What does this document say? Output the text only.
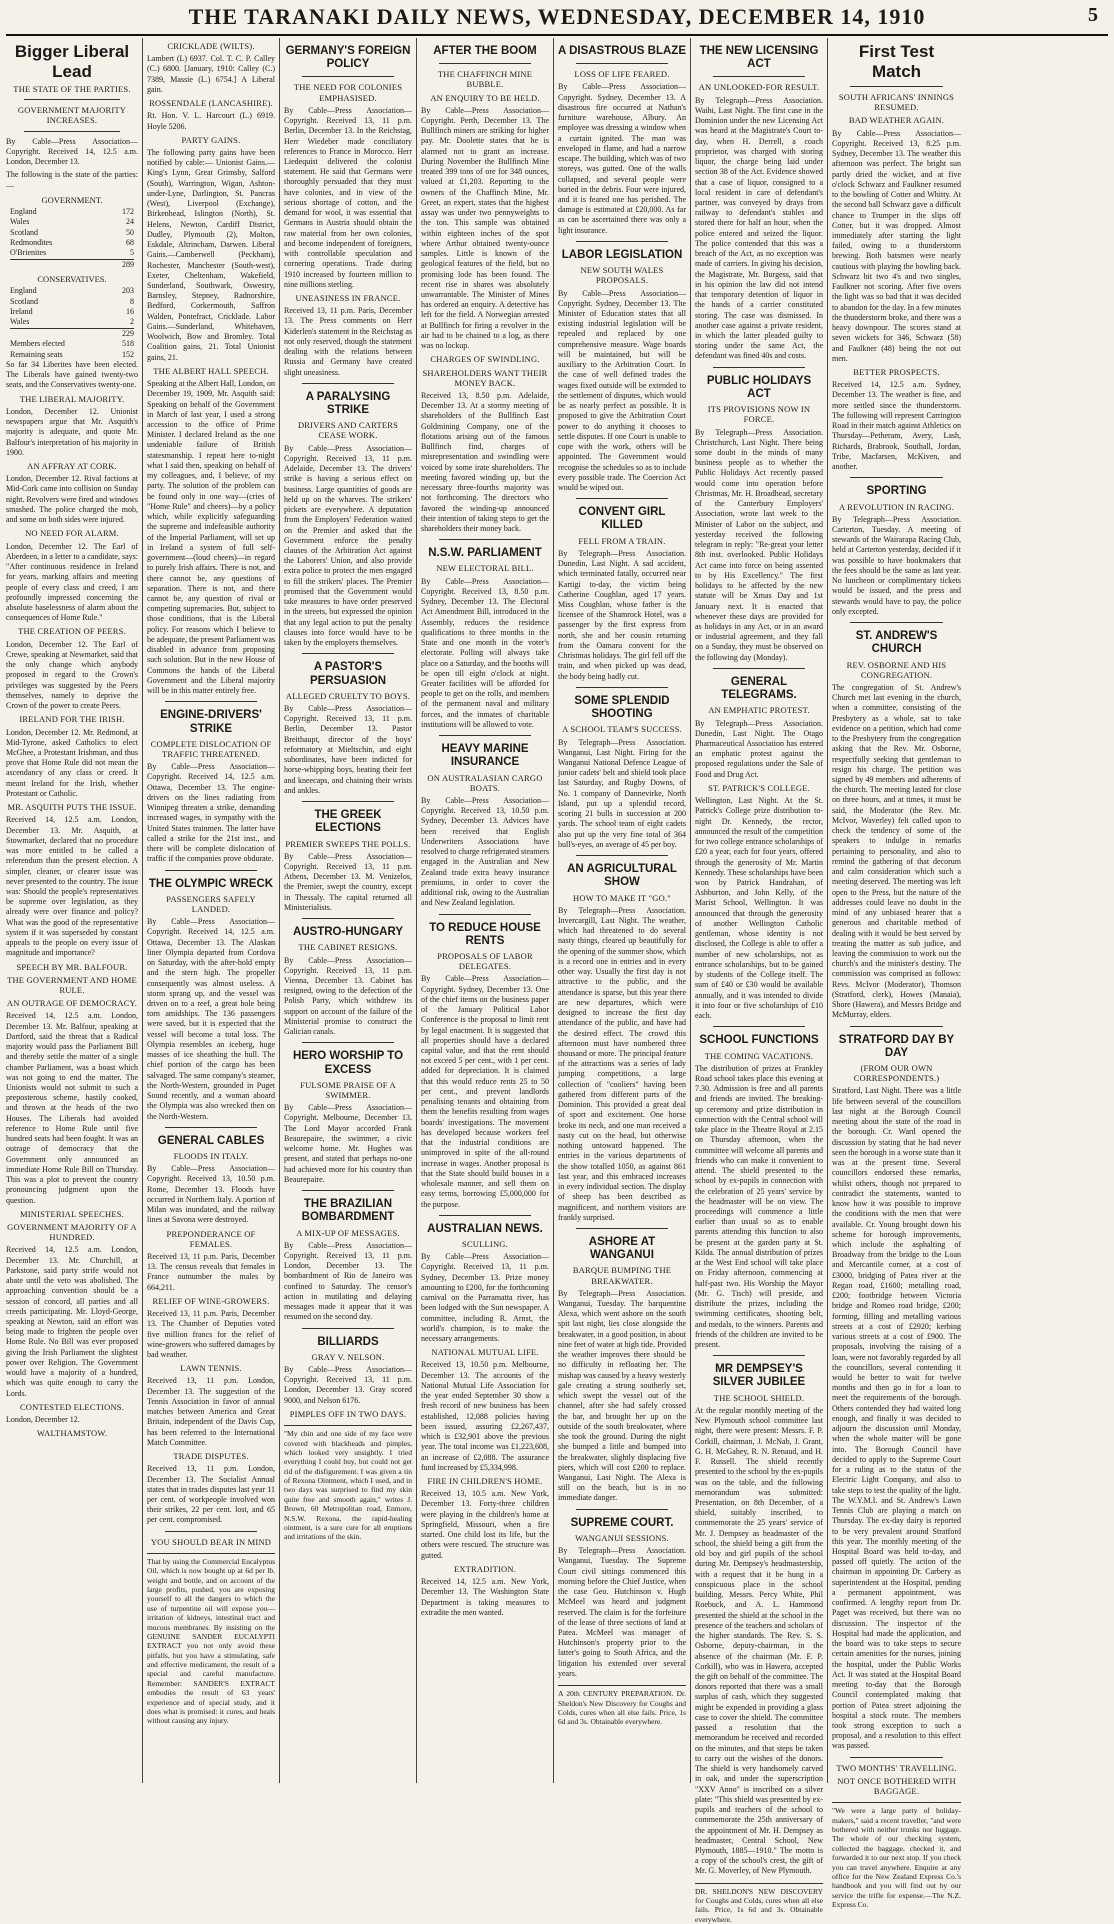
THE TARANAKI DAILY NEWS, WEDNESDAY, DECEMBER 14, 1910	5
Bigger Liberal Lead
THE STATE OF THE PARTIES.
GOVERNMENT MAJORITY INCREASES.

By Cable—Press Association—Copyright. Received 14, 12.5 a.m. London, December 13.

The following is the state of the parties:—

GOVERNMENT.
England	172
Wales	24
Scotland	50
Redmondites	68
O'Brienites	5
289
CONSERVATIVES.
England	203
Scotland	8
Ireland	16
Wales	2
229
Members elected	518
Remaining seats	152

So far 34 Liberites have been elected. The Liberals have gained twenty-two seats, and the Conservatives twenty-one.

THE LIBERAL MAJORITY.

London, December 12. Unionist newspapers argue that Mr. Asquith's majority is adequate, and quote Mr. Balfour's interpretation of his majority in 1900.

AN AFFRAY AT CORK.

London, December 12. Rival factions at Mid-Cork came into collision on Sunday night. Revolvers were fired and windows smashed. The police charged the mob, and some on both sides were injured.

NO NEED FOR ALARM.

London, December 12. The Earl of Aberdeen, in a letter to a candidate, says: "After continuous residence in Ireland for years, marking affairs and meeting people of every class and creed, I am profoundly impressed concerning the absolute baselessness of alarm about the consequences of Home Rule."

THE CREATION OF PEERS.

London, December 12. The Earl of Crewe, speaking at Newmarket, said that the only change which anybody proposed in regard to the Crown's privileges was suggested by the Peers themselves, namely to deprive the Crown of the power to create Peers.

IRELAND FOR THE IRISH.

London, December 12. Mr. Redmond, at Mid-Tyrone, asked Catholics to elect McGhee, a Protestant Irishman, and thus prove that Home Rule did not mean the ascendancy of any class or creed. It meant Ireland for the Irish, whether Protestant or Catholic.

MR. ASQUITH PUTS THE ISSUE.

Received 14, 12.5 a.m. London, December 13. Mr. Asquith, at Stowmarket, declared that no procedure was more entitled to be called a referendum than the present election. A simpler, cleaner, or clearer issue was never presented to the country. The issue was: Should the people's representatives be supreme over legislation, as they already were over finance and policy? What was the good of the representative system if it was superseded by constant appeals to the people on every issue of magnitude and importance?

SPEECH BY MR. BALFOUR.
THE GOVERNMENT AND HOME RULE.
AN OUTRAGE OF DEMOCRACY.

Received 14, 12.5 a.m. London, December 13. Mr. Balfour, speaking at Dartford, said the threat that a Radical majority would pass the Parliament Bill and thereby settle the matter of a single chamber Parliament, was a boast which was not going to end the matter. The Unionists would not submit to such a preposterous scheme, hastily cooked, and thrown at the heads of the two Houses. The Liberals had avoided reference to Home Rule until five hundred seats had been fought. It was an outrage of democracy that the Government only announced an immediate Home Rule Bill on Thursday. This was a plot to prevent the country pronouncing judgment upon the question.

MINISTERIAL SPEECHES.
GOVERNMENT MAJORITY OF A HUNDRED.

Received 14, 12.5 a.m. London, December 13. Mr. Churchill, at Parkstone, said party strife would not abate until the veto was abolished. The approaching convention should be a session of concord, all parties and all creeds participating. Mr. Lloyd-George, speaking at Newton, said an effort was being made to frighten the people over Home Rule. No Bill was ever proposed giving the Irish Parliament the slightest power over Religion. The Government would have a majority of a hundred, which was quite enough to carry the Lords.

CONTESTED ELECTIONS.

London, December 12.

WALTHAMSTOW.
CRICKLADE (WILTS).

Lambert (L) 6937. Col. T. C. P. Calley (C.) 6800. [January, 1910: Calley (C.) 7389, Massie (L.) 6754.] A Liberal gain.

ROSSENDALE (LANCASHIRE).

Rt. Hon. V. L. Harcourt (L.) 6919. Hoyle 5206.

PARTY GAINS.

The following party gains have been notified by cable:— Unionist Gains.—King's Lynn, Great Grimsby, Salford (South), Warrington, Wigan, Ashton-under-Lyne, Darlington, St. Pancras (West), Liverpool (Exchange), Birkenhead, Islington (North), St. Helens, Newton, Cardiff District, Dudley, Plymouth (2), Molton, Eskdale, Altrincham, Darwen. Liberal Gains.—Camberwell (Peckham), Rochester, Manchester (South-west), Exeter, Cheltenham, Wakefield, Sunderland, Southwark, Oswestry, Barnsley, Stepney, Radnorshire, Bedford, Corkermouth, Saffron Walden, Pontefract, Cricklade. Labor Gains.—Sunderland, Whitehaven, Woolwich, Bow and Bromley. Total Coalition gains, 21. Total Unionist gains, 21.

THE ALBERT HALL SPEECH.

Speaking at the Albert Hall, London, on December 19, 1909, Mr. Asquith said: Speaking on behalf of the Government in March of last year, I used a strong accession to the office of Prime Minister. I declared Ireland as the one undeniable failure of British statesmanship. I repeat here to-night what I said then, speaking on behalf of my colleagues, and, I believe, of my party. The solution of the problem can be found only in one way—(cries of "Home Rule" and cheers)—by a policy which, while explicitly safeguarding the supreme and indefeasible authority of the Imperial Parliament, will set up in Ireland a system of full self-government—(loud cheers)—in regard to purely Irish affairs. There is not, and there cannot be, any questions of separation. There is not, and there cannot be, any question of rival or competing supremacies. But, subject to those conditions, that is the Liberal policy. For reasons which I believe to be adequate, the present Parliament was disabled in advance from proposing such solution. But in the new House of Commons the hands of the Liberal Government and the Liberal majority will be in this matter entirely free.

ENGINE-DRIVERS' STRIKE
COMPLETE DISLOCATION OF TRAFFIC THREATENED.

By Cable—Press Association—Copyright. Received 14, 12.5 a.m. Ottawa, December 13. The engine-drivers on the lines radiating from Winnipeg threaten a strike, demanding increased wages, in sympathy with the United States trainmen. The latter have called a strike for the 21st inst., and there will be complete dislocation of traffic if the companies prove obdurate.

THE OLYMPIC WRECK
PASSENGERS SAFELY LANDED.

By Cable—Press Association—Copyright. Received 14, 12.5 a.m. Ottawa, December 13. The Alaskan liner Olympia departed from Cordova on Saturday, with the after-hold empty and the stern high. The propeller consequently was almost useless. A storm sprang up, and the vessel was driven on to a reef, a great hole being torn amidships. The 136 passengers were saved, but it is expected that the vessel will become a total loss. The Olympia resembles an iceberg, huge masses of ice sheathing the hull. The chief portion of the cargo has been salvaged. The same company's steamer, the North-Western, grounded in Puget Sound recently, and a woman aboard the Olympia was also wrecked then on the North-Western.

GENERAL CABLES
FLOODS IN ITALY.

By Cable—Press Association—Copyright. Received 13, 10.50 p.m. Rome, December 13. Floods have occurred in Northern Italy. A portion of Milan was inundated, and the railway lines at Savona were destroyed.

PREPONDERANCE OF FEMALES.

Received 13, 11 p.m. Paris, December 13. The census reveals that females in France outnumber the males by 664,211.

RELIEF OF WINE-GROWERS.

Received 13, 11 p.m. Paris, December 13. The Chamber of Deputies voted five million francs for the relief of wine-growers who suffered damages by bad weather.

LAWN TENNIS.

Received 13, 11 p.m. London, December 13. The suggestion of the Tennis Association in favor of annual matches between America and Great Britain, independent of the Davis Cup, has been referred to the International Match Committee.

TRADE DISPUTES.

Received 13, 11 p.m. London, December 13. The Socialist Annual states that in trades disputes last year 11 per cent. of workpeople involved won their strikes, 22 per cent. lost, and 65 per cent. compromised.

YOU SHOULD BEAR IN MIND

That by using the Commercial Eucalyptus Oil, which is now bought up at 6d per lb. weight and bottle, and on account of the large profits, pushed, you are exposing yourself to all the dangers to which the use of turpentine oil will expose you—irritation of kidneys, intestinal tract and mucous membranes. By insisting on the GENUINE SANDER EUCALYPTI EXTRACT you not only avoid these pitfalls, but you have a stimulating, safe and effective medicament, the result of a special and careful manufacture. Remember: SANDER'S EXTRACT embodies the result of 63 years' experience and of special study, and it does what is promised: it cures, and heals without causing any injury.

GERMANY'S FOREIGN POLICY
THE NEED FOR COLONIES EMPHASISED.

By Cable—Press Association—Copyright. Received 13, 11 p.m. Berlin, December 13. In the Reichstag, Herr Wiedeber made conciliatory references to France in Morocco. Herr Liedequist delivered the colonist statement. He said that Germans were thoroughly persuaded that they must have colonies, and in view of the serious shortage of cotton, and the demand for wool, it was essential that Germans in Austria should obtain the raw material from her own colonies, and become independent of foreigners, with controllable speculation and cornering operations. Trade during 1910 increased by fourteen million to nine millions sterling.

UNEASINESS IN FRANCE.

Received 13, 11 p.m. Paris, December 13. The Press comments on Herr Kiderlen's statement in the Reichstag as not only reserved, though the statement dealing with the relations between Russia and Germany have created slight uneasiness.

A PARALYSING STRIKE
DRIVERS AND CARTERS CEASE WORK.

By Cable—Press Association—Copyright. Received 13, 11 p.m. Adelaide, December 13. The drivers' strike is having a serious effect on business. Large quantities of goods are held up on the wharves. The strikers' pickets are everywhere. A deputation from the Employers' Federation waited on the Premier and asked that the Government enforce the penalty clauses of the Arbitration Act against the Laborers' Union, and also provide extra police to protect the men engaged to fill the strikers' places. The Premier promised that the Government would take measures to have order preserved in the streets, but expressed the opinion that any legal action to put the penalty clauses into force would have to be taken by the employers themselves.

A PASTOR'S PERSUASION
ALLEGED CRUELTY TO BOYS.

By Cable—Press Association—Copyright. Received 13, 11 p.m. Berlin, December 13. Pastor Breithaupt, director of the boys' reformatory at Mieltschin, and eight subordinates, have been indicted for horse-whipping boys, beating their feet and kneecaps, and chaining their wrists and ankles.

THE GREEK ELECTIONS
PREMIER SWEEPS THE POLLS.

By Cable—Press Association—Copyright. Received 13, 11 p.m. Athens, December 13. M. Venizelos, the Premier, swept the country, except in Thessaly. The capital returned all Ministerialists.

AUSTRO-HUNGARY
THE CABINET RESIGNS.

By Cable—Press Association—Copyright. Received 13, 11 p.m. Vienna, December 13. Cabinet has resigned, owing to the defection of the Polish Party, which withdrew its support on account of the failure of the Ministerial promise to construct the Galician canals.

HERO WORSHIP TO EXCESS
FULSOME PRAISE OF A SWIMMER.

By Cable—Press Association—Copyright. Melbourne, December 13. The Lord Mayor accorded Frank Beaurepaire, the swimmer, a civic welcome home. Mr. Hughes was present, and stated that perhaps no-one had achieved more for his country than Beaurepaire.

THE BRAZILIAN BOMBARDMENT
A MIX-UP OF MESSAGES.

By Cable—Press Association—Copyright. Received 13, 11 p.m. London, December 13. The bombardment of Rio de Janeiro was confined to Saturday. The censor's action in mutilating and delaying messages made it appear that it was resumed on the second day.

BILLIARDS
GRAY V. NELSON.

By Cable—Press Association—Copyright. Received 13, 11 p.m. London, December 13. Gray scored 9000, and Nelson 6176.

PIMPLES OFF IN TWO DAYS.

"My chin and one side of my face were covered with blackheads and pimples, which looked very unsightly. I tried everything I could buy, but could not get rid of the disfigurement. I was given a tin of Rexona Ointment, which I used, and in two days was surprised to find my skin quite free and smooth again," writes J. Brown, 60 Metropolitan road, Enmore, N.S.W. Rexona, the rapid-healing ointment, is a sure cure for all eruptions and irritations of the skin.

AFTER THE BOOM
THE CHAFFINCH MINE BUBBLE.
AN ENQUIRY TO BE HELD.

By Cable—Press Association—Copyright. Perth, December 13. The Bullfinch miners are striking for higher pay. Mr. Doolette states that he is alarmed not to grant an increase. During November the Bullfinch Mine treated 399 tons of ore for 348 ounces, valued at £1,203. Reporting to the owners of the Chaffinch Mine, Mr. Greet, an expert, states that the highest assay was under two pennyweights to the ton. This sample was obtained within eighteen inches of the spot where Arthur obtained twenty-ounce samples. Little is known of the geological features of the field, but no promising lode has been found. The recent rise in shares was absolutely unwarrantable. The Minister of Mines has ordered an enquiry. A detective has left for the field. A Norwegian arrested at Bullfinch for firing a revolver in the air had to be chained to a log, as there was no lockup.

CHARGES OF SWINDLING.
SHAREHOLDERS WANT THEIR MONEY BACK.

Received 13, 8.50 p.m. Adelaide, December 13. At a stormy meeting of shareholders of the Bullfinch East Goldmining Company, one of the flotations arising out of the famous Bullfinch find, charges of misrepresentation and swindling were voiced by some irate shareholders. The meeting favored winding up, but the necessary three-fourths majority was not forthcoming. The directors who favored the winding-up announced their intention of taking steps to get the shareholders their money back.

N.S.W. PARLIAMENT
NEW ELECTORAL BILL.

By Cable—Press Association—Copyright. Received 13, 8.50 p.m. Sydney, December 13. The Electoral Act Amendment Bill, introduced in the Assembly, reduces the residence qualifications to three months in the State and one month in the voter's electorate. Polling will always take place on a Saturday, and the booths will be open till eight o'clock at night. Greater facilities will be afforded for people to get on the rolls, and members of the permanent naval and military forces, and the inmates of charitable institutions will be allowed to vote.

HEAVY MARINE INSURANCE
ON AUSTRALASIAN CARGO BOATS.

By Cable—Press Association—Copyright. Received 13, 10.50 p.m. Sydney, December 13. Advices have been received that English Underwriters Associations have resolved to charge refrigerated steamers engaged in the Australian and New Zealand trade extra heavy insurance premiums, in order to cover the additional risk, owing to the Australian and New Zealand legislation.

TO REDUCE HOUSE RENTS
PROPOSALS OF LABOR DELEGATES.

By Cable—Press Association—Copyright. Sydney, December 13. One of the chief items on the business paper of the January Political Labor Conference is the proposal to limit rent by legal enactment. It is suggested that all properties should have a declared capital value, and that the rent should not exceed 5 per cent., with 1 per cent. added for depreciation. It is claimed that this would reduce rents 25 to 50 per cent., and prevent landlords penalising tenants and obtaining from them the benefits resulting from wages boards' investigations. The movement has developed because workers feel that the industrial conditions are unimproved in spite of the all-round increase in wages. Another proposal is that the State should build houses in a wholesale manner, and sell them on easy terms, borrowing £5,000,000 for the purpose.

AUSTRALIAN NEWS.
SCULLING.

By Cable—Press Association—Copyright. Received 13, 11 p.m. Sydney, December 13. Prize money amounting to £200, for the forthcoming carnival on the Parramatta river, has been lodged with the Sun newspaper. A committee, including R. Arnst, the world's champion, is to make the necessary arrangements.

NATIONAL MUTUAL LIFE.

Received 13, 10.50 p.m. Melbourne, December 13. The accounts of the National Mutual Life Association for the year ended September 30 show a fresh record of new business has been established, 12,088 policies having been issued, assuring £2,267,437, which is £32,901 above the previous year. The total income was £1,223,608, an increase of £2,088. The assurance fund increased by £5,334,998.

FIRE IN CHILDREN'S HOME.

Received 13, 10.5 a.m. New York, December 13. Forty-three children were playing in the children's home at Springfield, Missouri, when a fire started. One child lost its life, but the others were rescued. The structure was gutted.

EXTRADITION.

Received 14, 12.5 a.m. New York, December 13. The Washington State Department is taking measures to extradite the men wanted.

A DISASTROUS BLAZE
LOSS OF LIFE FEARED.

By Cable—Press Association—Copyright. Sydney, December 13. A disastrous fire occurred at Nathan's furniture warehouse, Albury. An employee was dressing a window when a curtain ignited. The man was enveloped in flame, and had a narrow escape. The building, which was of two storeys, was gutted. One of the walls collapsed, and several people were buried in the debris. Four were injured, and it is feared one has perished. The damage is estimated at £20,000. As far as can be ascertained there was only a light insurance.

LABOR LEGISLATION
NEW SOUTH WALES PROPOSALS.

By Cable—Press Association—Copyright. Sydney, December 13. The Minister of Education states that all existing industrial legislation will be repealed and replaced by one comprehensive measure. Wage boards will be maintained, but will be auxiliary to the Arbitration Court. In the case of well defined trades the wages fixed outside will be extended to the settlement of disputes, which would be as nearly perfect as possible. It is proposed to give the Arbitration Court power to do anything it chooses to settle disputes. If one Court is unable to cope with the work, others will be appointed. The Government would recognise the schedules so as to include every possible trade. The Coercion Act would be wiped out.

CONVENT GIRL KILLED
FELL FROM A TRAIN.

By Telegraph—Press Association. Dunedin, Last Night. A sad accident, which terminated fatally, occurred near Kartigi to-day, the victim being Catherine Coughlan, aged 17 years. Miss Coughlan, whose father is the licensee of the Shamrock Hotel, was a passenger by the first express from north, she and her cousin returning from the Oamaru convent for the Christmas holidays. The girl fell off the train, and when picked up was dead, the body being badly cut.

SOME SPLENDID SHOOTING
A SCHOOL TEAM'S SUCCESS.

By Telegraph—Press Association. Wanganui, Last Night. Firing for the Wanganui National Defence League of junior cadets' belt and shield took place last Saturday, and Rugby Downs, of No. 1 company of Dannevirke, North Island, put up a splendid record, scoring 21 bulls in succession at 200 yards. The school team of eight cadets also put up the very fine total of 364 bull's-eyes, an average of 45 per boy.

AN AGRICULTURAL SHOW
HOW TO MAKE IT "GO."

By Telegraph—Press Association. Invercargill, Last Night. The weather, which had threatened to do several nasty things, cleared up beautifully for the opening of the summer show, which is a record one in entries and in every other way. Usually the first day is not attractive to the public, and the attendance is sparse, but this year there are new departures, which were designed to increase the first day attendance of the public, and have had the desired effect. The crowd this afternoon must have numbered three thousand or more. The principal feature of the attractions was a series of lady jumping competitions, a large collection of "cooliers" having been gathered from different parts of the Dominion. This provided a great deal of sport and excitement. One horse broke its neck, and one man received a nasty cut on the head, but otherwise nothing untoward happened. The entries in the various departments of the show totalled 1050, as against 861 last year, and this embraced increases in every individual section. The display of sheep has been described as magnificent, and northern visitors are frankly surprised.

ASHORE AT WANGANUI
BARQUE BUMPING THE BREAKWATER.

By Telegraph—Press Association. Wanganui, Tuesday. The barquentine Alexa, which went ashore on the south spit last night, lies close alongside the breakwater, in a good position, in about nine feet of water at high tide. Provided the weather improves there should be no difficulty in refloating her. The mishap was caused by a heavy westerly gale creating a strong southerly set, which swept the vessel out of the channel, after she had safely crossed the bar, and brought her up on the outside of the south breakwater, where she took the ground. During the night she bumped a little and bumped into the breakwater, slightly displacing five piers, which will cost £200 to replace. Wanganui, Last Night. The Alexa is still on the beach, but is in no immediate danger.

SUPREME COURT.
WANGANUI SESSIONS.

By Telegraph—Press Association. Wanganui, Tuesday. The Supreme Court civil sittings commenced this morning before the Chief Justice, when the case Geo. Hutchinson v. Hugh McMeel was heard and judgment reserved. The claim is for the forfeiture of the lease of three sections of land at Patea. McMeel was manager of Hutchinson's property prior to the latter's going to South Africa, and the litigation his extended over several years.

A 20th CENTURY PREPARATION. Dr. Sheldon's New Discovery for Coughs and Colds, cures when all else fails. Price, 1s 6d and 3s. Obtainable everywhere.

THE NEW LICENSING ACT
AN UNLOOKED-FOR RESULT.

By Telegraph—Press Association. Waihi, Last Night. The first case in the Dominion under the new Licensing Act was heard at the Magistrate's Court to-day, when H. Derrell, a coach proprietor, was charged with storing liquor, the charge being laid under section 38 of the Act. Evidence showed that a case of liquor, consigned to a local resident in care of defendant's partner, was conveyed by drays from railway to defendant's stables and stored there for half an hour, when the police entered and seized the liquor. The police contended that this was a breach of the Act, as no exception was made of carriers. In giving his decision, the Magistrate, Mr. Burgess, said that in his opinion the law did not intend that temporary detention of liquor in the hands of a carrier constituted storing. The case was dismissed. In another case against a private resident, in which the latter pleaded guilty to storing under the same Act, the defendant was fined 40s and costs.

PUBLIC HOLIDAYS ACT
ITS PROVISIONS NOW IN FORCE.

By Telegraph—Press Association. Christchurch, Last Night. There being some doubt in the minds of many business people as to whether the Public Holidays Act recently passed would come into operation before Christmas, Mr. H. Broadhead, secretary of the Canterbury Employers' Association, wrote last week to the Minister of Labor on the subject, and yesterday received the following telegram in reply: "Re-great your letter 8th inst. overlooked. Public Holidays Act came into force on being assented to by His Excellency." The first holidays to be affected by the new statute will be Xmas Day and 1st January next. It is enacted that whenever these days are provided for as holidays in any Act, or in an award or industrial agreement, and they fall on a Sunday, they must be observed on the following day (Monday).

GENERAL TELEGRAMS.
AN EMPHATIC PROTEST.

By Telegraph—Press Association. Dunedin, Last Night. The Otago Pharmaceutical Association has entered an emphatic protest against the proposed regulations under the Sale of Food and Drug Act.

ST. PATRICK'S COLLEGE.

Wellington, Last Night. At the St. Patrick's College prize distribution to-night Dr. Kennedy, the rector, announced the result of the competition for two college entrance scholarships of £20 a year, each for four years, offered through the generosity of Mr. Martin Kennedy. These scholarships have been won by Patrick Handrahan, of Ashburton, and John Kelly, of the Marist School, Wellington. It was announced that through the generosity of another Wellington Catholic gentleman, whose identity is not disclosed, the College is able to offer a number of new scholarships, not as entrance scholarships, but to be gained by students of the College itself. The sum of £40 or £30 would be available annually, and it was intended to divide it into four or five scholarships of £10 each.

SCHOOL FUNCTIONS
THE COMING VACATIONS.

The distribution of prizes at Frankley Road school takes place this evening at 7.30. Admission is free and all parents and friends are invited. The breaking-up ceremony and prize distribution in connection with the Central school will take place in the Theatre Royal at 2.15 on Thursday afternoon, when the committee will welcome all parents and friends who can make it convenient to attend. The shield presented to the school by ex-pupils in connection with the celebration of 25 years' service by the headmaster will be on view. The proceedings will commence a little earlier than usual so as to enable parents attending this function to also be present at the garden party at St. Kilda. The annual distribution of prizes at the West End school will take place on Friday afternoon, commencing at half-past two. His Worship the Mayor (Mr. G. Tisch) will preside, and distribute the prizes, including the swimming certificates, shooting belt, and medals, to the winners. Parents and friends of the children are invited to be present.

MR DEMPSEY'S SILVER JUBILEE
THE SCHOOL SHIELD.

At the regular monthly meeting of the New Plymouth school committee last night, there were present: Messrs. F. P. Corkill, chairman, J. McNab, J. Grant, G. H. McGahey, R. N. Renaud, and H. F. Russell. The shield recently presented to the school by the ex-pupils was on the table, and the following memorandum was submitted: Presentation, on 8th December, of a shield, suitably inscribed, to commemorate the 25 years' service of Mr. J. Dempsey as headmaster of the school, the shield being a gift from the old boy and girl pupils of the school during Mr. Dempsey's headmastership, with a request that it be hung in a conspicuous place in the school building. Messrs. Percy White, Phil Roebuck, and A. L. Hammond presented the shield at the school in the presence of the teachers and scholars of the higher standards. The Rev. S. S. Osborne, deputy-chairman, in the absence of the chairman (Mr. F. P. Corkill), who was in Hawera, accepted the gift on behalf of the committee. The donors reported that there was a small surplus of cash, which they suggested might be expended in providing a glass case to cover the shield. The committee passed a resolution that the memorandum be received and recorded on the minutes, and that steps be taken to carry out the wishes of the donors. The shield is very handsomely carved in oak, and under the superscription "XXV Anno" is inscribed on a silver plate: "This shield was presented by ex-pupils and teachers of the school to commemorate the 25th anniversary of the appointment of Mr. H. Dempsey as headmaster, Central School, New Plymouth, 1885—1910." The motto is a copy of the school's crest, the gift of Mr. G. Moverley, of New Plymouth.

DR. SHELDON'S NEW DISCOVERY for Coughs and Colds, cures when all else fails. Price, 1s 6d and 3s. Obtainable everywhere.

First Test Match
SOUTH AFRICANS' INNINGS RESUMED.
BAD WEATHER AGAIN.

By Cable—Press Association—Copyright. Received 13, 8.25 p.m. Sydney, December 13. The weather this afternoon was perfect. The bright sun partly dried the wicket, and at five o'clock Schwarz and Faulkner resumed to the bowling of Cotter and Whitty. At the second ball Schwarz gave a difficult chance to Trumper in the slips off Cotter, but it was dropped. Almost immediately after starting the light failed, owing to a thunderstorm brewing. Both batsmen were nearly cautious with playing the bowling back. Schwarz hit two 4's and two singles, Faulkner not scoring. After five overs the light was so bad that it was decided to abandon for the day. In a few minutes the thunderstorm broke, and there was a heavy downpour. The scores stand at seven wickets for 346, Schwarz (58) and Faulkner (48) being the not out men.

BETTER PROSPECTS.

Received 14, 12.5 a.m. Sydney, December 13. The weather is fine, and more settled since the thunderstorm. The following will represent Carrington Road in their match against Athletics on Thursday—Petheram, Avery, Lash, Richards, Brabrook, Southall, Jordan, Tribe, Macfarsen, McKiven, and another.

SPORTING
A REVOLUTION IN RACING.

By Telegraph—Press Association. Carterton, Tuesday. A meeting of stewards of the Wairarapa Racing Club, held at Carterton yesterday, decided if it was possible to have bookmakers that the fees should be the same as last year. No luncheon or complimentary tickets would be issued, and the press and stewards would have to pay, the police only excepted.

ST. ANDREW'S CHURCH
REV. OSBORNE AND HIS CONGREGATION.

The congregation of St. Andrew's Church met last evening in the church, when a committee, consisting of the Presbytery as a whole, sat to take evidence on a petition, which had come to the Presbytery from the congregation asking that the Rev. Mr. Osborne, respectfully seeking that gentleman to resign his charge. The petition was signed by 49 members and adherents of the church. The meeting lasted for close on three hours, and at times, it must be said, the Moderator (the Rev. Mr. McIvor, Waverley) felt called upon to check the tendency of some of the speakers to indulge in remarks pertaining to personality, and also to remind the gathering of that decorum and calm consideration which such a meeting deserved. The meeting was left open to the Press, but the nature of the addresses could leave no doubt in the mind of any unbiased hearer that a generous and charitable method of dealing with it would be best served by treating the matter as sub judice, and leaving the commission to work out the church's and the minister's destiny. The commission was comprised as follows: Revs. McIvor (Moderator), Thomson (Stratford, clerk), Howes (Manaia), Shore (Hawera), and Messrs Bridge and McMurray, elders.

STRATFORD DAY BY DAY
(FROM OUR OWN CORRESPONDENTS.)

Stratford, Last Night. There was a little life between several of the councillors last night at the Borough Council meeting about the state of the road in the borough. Cr. Ward opened the discussion by stating that he had never seen the borough in a worse state than it was at the present time. Several councillors endorsed these remarks, whilst others, though not prepared to contradict the statements, wanted to know how it was possible to improve the conditions with the men that were available. Cr. Young brought down his scheme for borough improvements, which include the asphalting of Broadway from the bridge to the Loan and Mercantile corner, at a cost of £3000, bridging of Patea river at the Regan road, £1600; metalling road, £200; footbridge between Victoria bridge and Romeo road bridge, £200; forming, filling and metalling various streets at a cost of £2920; kerbing various streets at a cost of £900. The proposals, involving the raising of a loan, were not favorably regarded by all the councillors, several contending it would be better to wait for twelve months and then go in for a loan to meet the requirements of the borough. Others contended they had waited long enough, and finally it was decided to adjourn the discussion until Monday, when the whole matter will be gone into. The Borough Council have decided to apply to the Supreme Court for a ruling as to the status of the Electric Light Company, and also to take steps to test the quality of the light. The W.Y.M.I. and St. Andrew's Lawn Tennis Club are playing a match on Thursday. The ex-day dairy is reported to be very prevalent around Stratford this year. The monthly meeting of the Hospital Board was held to-day, and passed off quietly. The action of the chairman in appointing Dr. Carbery as superintendent at the Hospital, pending a permanent appointment, was confirmed. A lengthy report from Dr. Paget was received, but there was no discussion. The inspector of the Hospital had made the application, and the board was to take steps to secure certain amenities for the nurses, joining the hospital, under the Public Works Act. It was stated at the Hospital Board meeting to-day that the Borough Council contemplated making that portion of Patea street adjoining the hospital a stock route. The members took strong exception to such a proposal, and a resolution to this effect was passed.

TWO MONTHS' TRAVELLING.
NOT ONCE BOTHERED WITH BAGGAGE.

"We were a large party of holiday-makers," said a recent traveller, "and were bothered with neither trunks nor luggage. The whole of our checking system, collected the baggage, checked it, and forwarded it to our next stop. If you check you can travel anywhere. Enquire at any office for the New Zealand Express Co.'s handbook and you will find out by our service the trifle for expense.—The N.Z. Express Co.
